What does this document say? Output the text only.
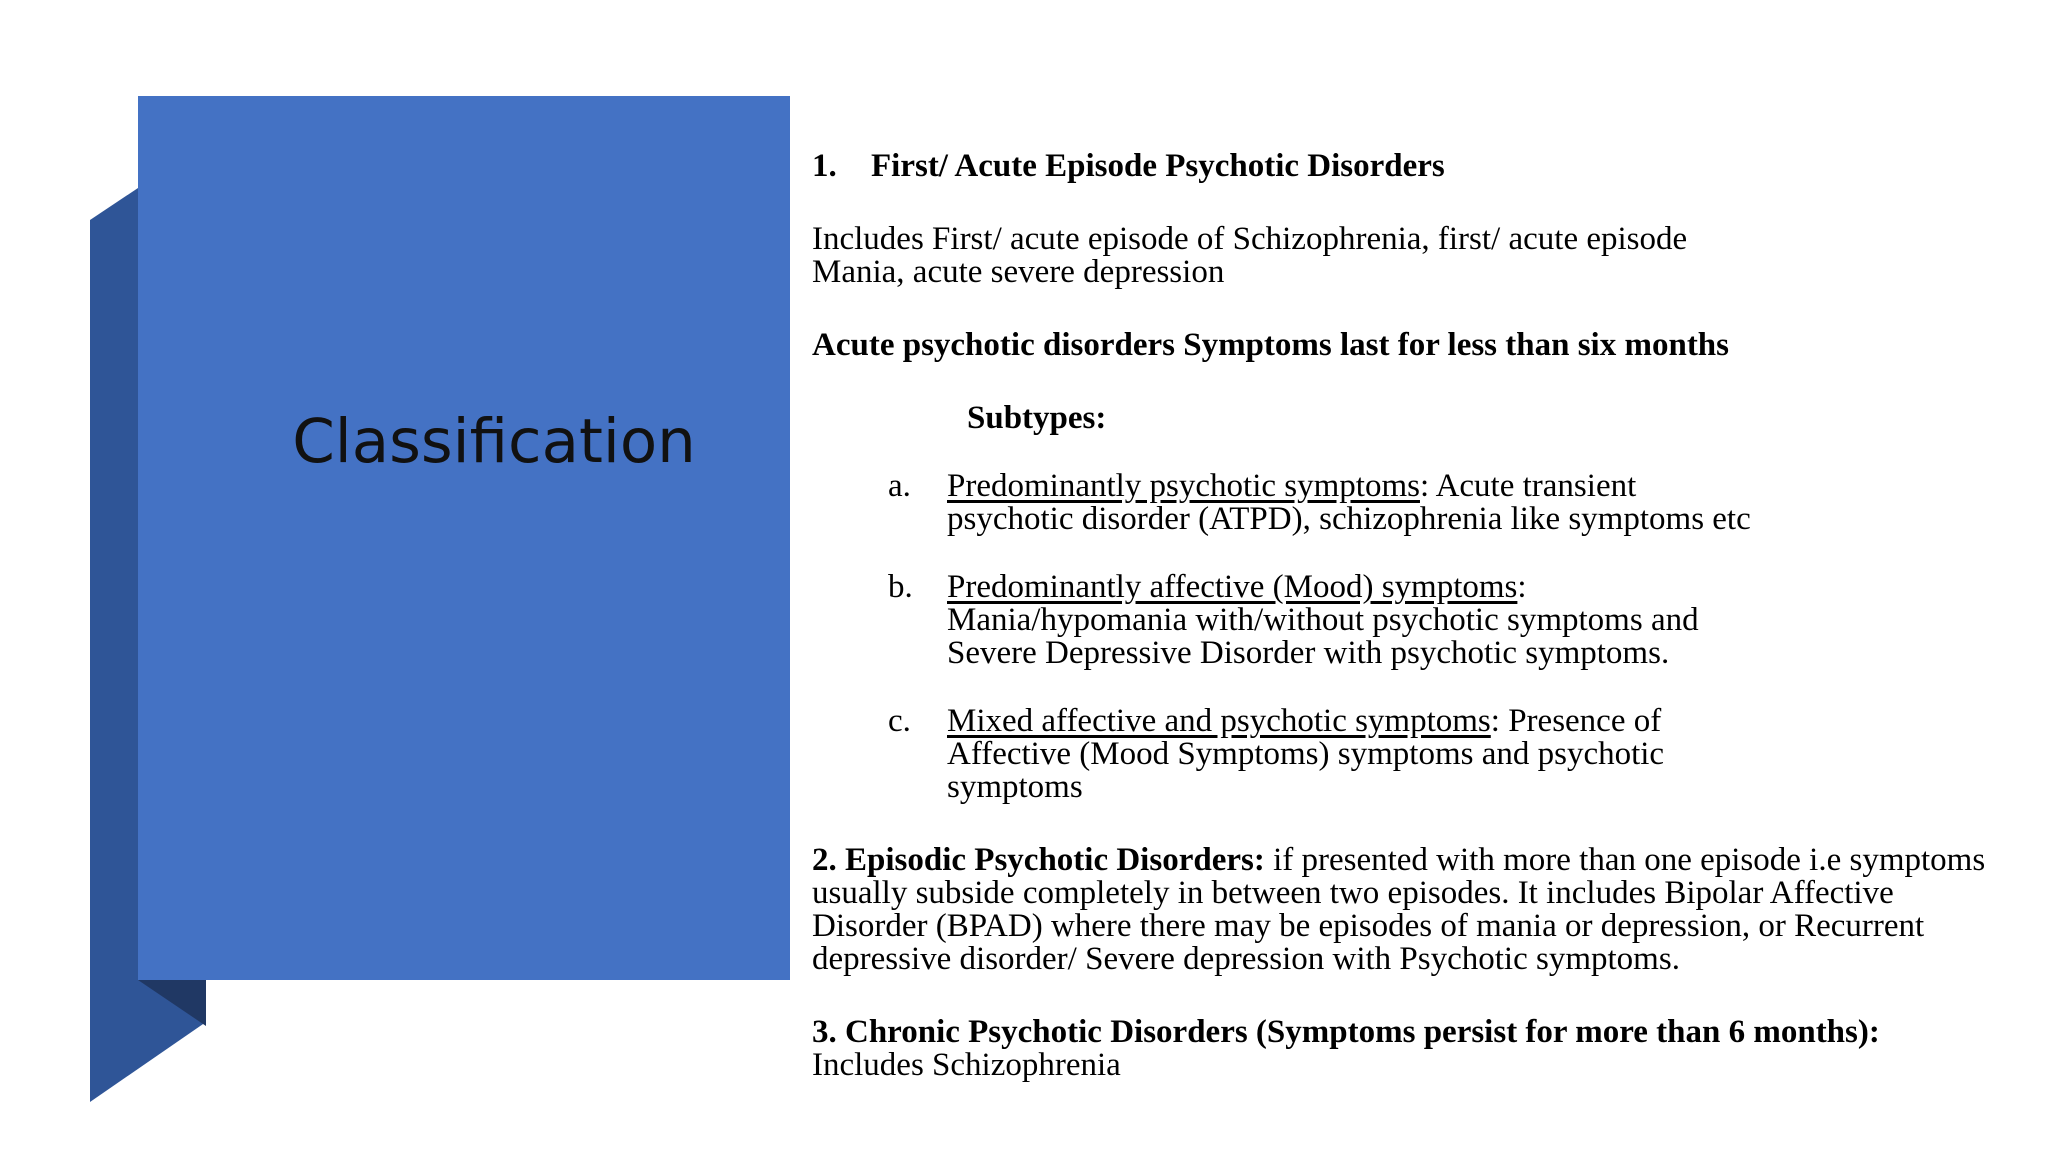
Classification
1.	First/ Acute Episode Psychotic Disorders

Includes First/ acute episode of Schizophrenia, first/ acute episode Mania, acute severe depression

Acute psychotic disorders Symptoms last for less than six months

Subtypes:

a.	Predominantly psychotic symptoms: Acute transient psychotic disorder (ATPD), schizophrenia like symptoms etc
b.	Predominantly affective (Mood) symptoms: Mania/hypomania with/without psychotic symptoms and Severe Depressive Disorder with psychotic symptoms.
c.	Mixed affective and psychotic symptoms: Presence of Affective (Mood Symptoms) symptoms and psychotic symptoms

2. Episodic Psychotic Disorders: if presented with more than one episode i.e symptoms usually subside completely in between two episodes. It includes Bipolar Affective Disorder (BPAD) where there may be episodes of mania or depression, or Recurrent depressive disorder/ Severe depression with Psychotic symptoms.

3. Chronic Psychotic Disorders (Symptoms persist for more than 6 months):

Includes Schizophrenia
